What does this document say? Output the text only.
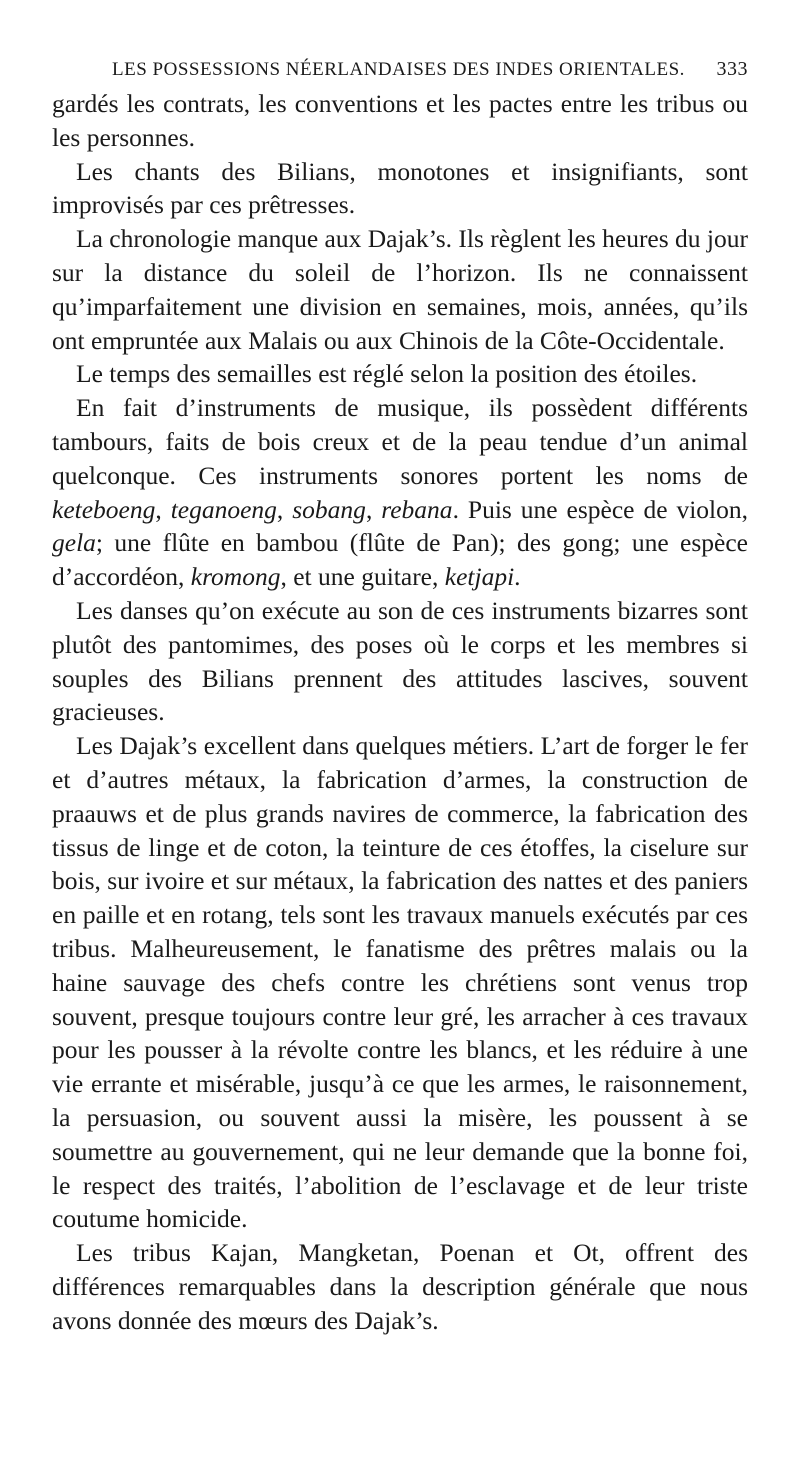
LES POSSESSIONS NÉERLANDAISES DES INDES ORIENTALES. 333

gardés les contrats, les conventions et les pactes entre les tribus ou les personnes.

Les chants des Bilians, monotones et insignifiants, sont improvisés par ces prêtresses.

La chronologie manque aux Dajak’s. Ils règlent les heures du jour sur la distance du soleil de l’horizon. Ils ne connaissent qu’imparfaitement une division en semaines, mois, années, qu’ils ont empruntée aux Malais ou aux Chinois de la Côte-Occidentale.

Le temps des semailles est réglé selon la position des étoiles.

En fait d’instruments de musique, ils possèdent différents tambours, faits de bois creux et de la peau tendue d’un animal quelconque. Ces instruments sonores portent les noms de keteboeng, teganoeng, sobang, rebana. Puis une espèce de violon, gela; une flûte en bambou (flûte de Pan); des gong; une espèce d’accordéon, kromong, et une guitare, ketjapi.

Les danses qu’on exécute au son de ces instruments bizarres sont plutôt des pantomimes, des poses où le corps et les membres si souples des Bilians prennent des attitudes lascives, souvent gracieuses.

Les Dajak’s excellent dans quelques métiers. L’art de forger le fer et d’autres métaux, la fabrication d’armes, la construction de praauws et de plus grands navires de commerce, la fabrication des tissus de linge et de coton, la teinture de ces étoffes, la ciselure sur bois, sur ivoire et sur métaux, la fabrication des nattes et des paniers en paille et en rotang, tels sont les travaux manuels exécutés par ces tribus. Malheureusement, le fanatisme des prêtres malais ou la haine sauvage des chefs contre les chrétiens sont venus trop souvent, presque toujours contre leur gré, les arracher à ces travaux pour les pousser à la révolte contre les blancs, et les réduire à une vie errante et misérable, jusqu’à ce que les armes, le raisonnement, la persuasion, ou souvent aussi la misère, les poussent à se soumettre au gouvernement, qui ne leur demande que la bonne foi, le respect des traités, l’abolition de l’esclavage et de leur triste coutume homicide.

Les tribus Kajan, Mangketan, Poenan et Ot, offrent des différences remarquables dans la description générale que nous avons donnée des mœurs des Dajak’s.
